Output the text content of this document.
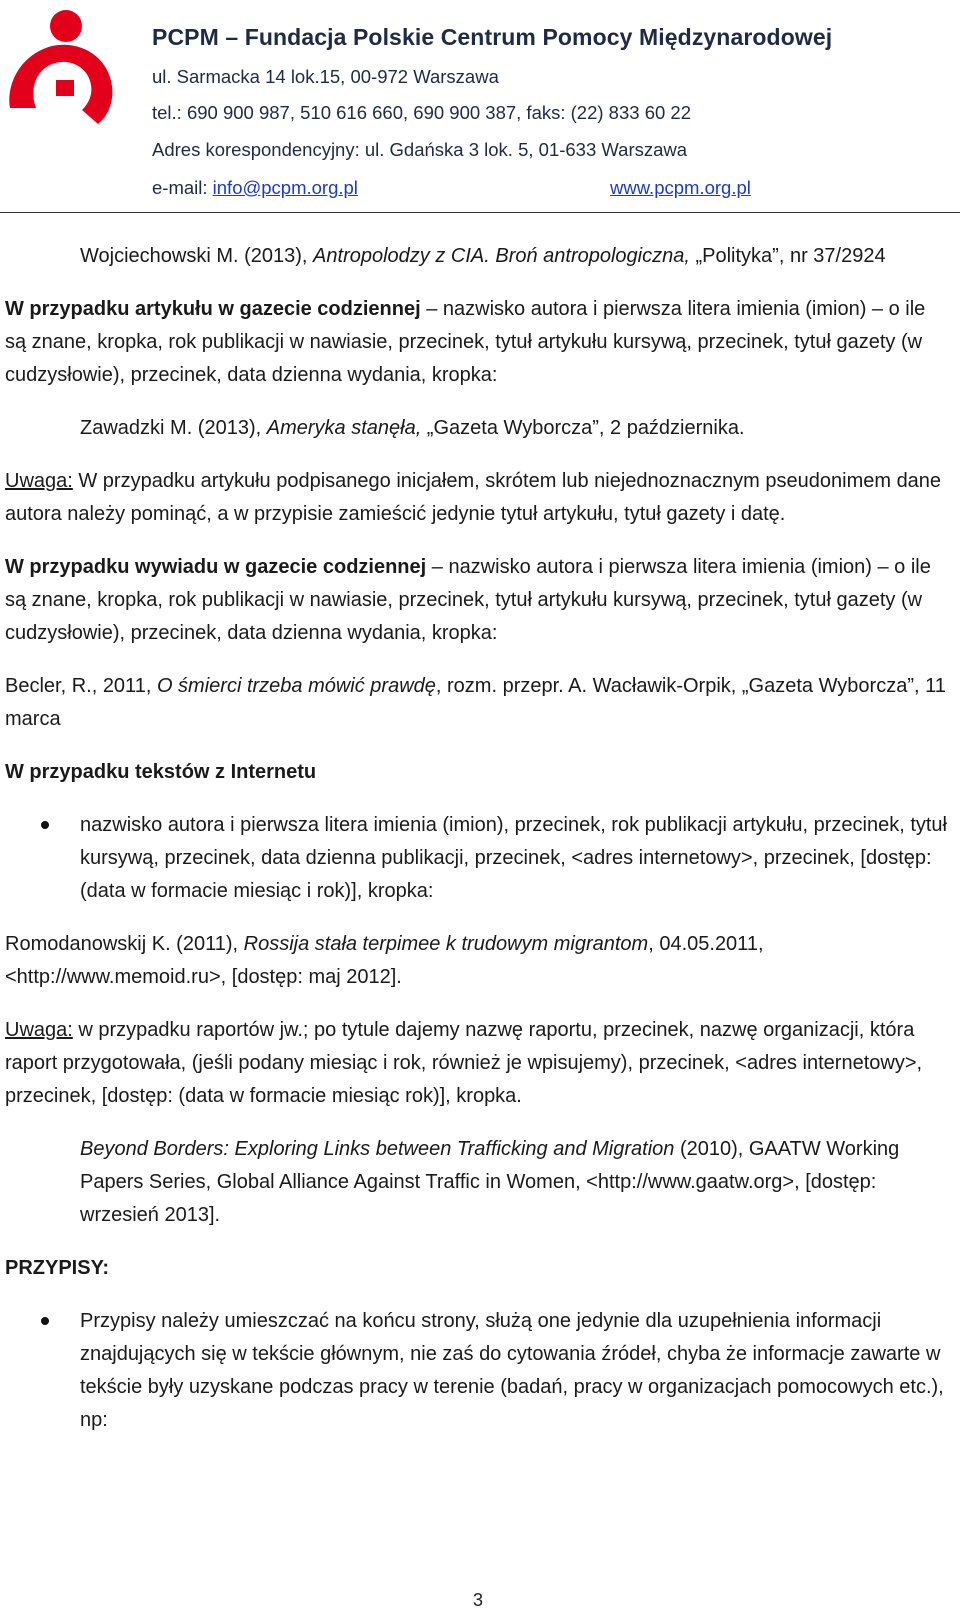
PCPM – Fundacja Polskie Centrum Pomocy Międzynarodowej
ul. Sarmacka 14 lok.15, 00-972 Warszawa
tel.: 690 900 987, 510 616 660, 690 900 387, faks: (22) 833 60 22
Adres korespondencyjny: ul. Gdańska 3 lok. 5, 01-633 Warszawa
e-mail: info@pcpm.org.pl	www.pcpm.org.pl

Wojciechowski M. (2013), Antropolodzy z CIA. Broń antropologiczna, „Polityka”, nr 37/2924

W przypadku artykułu w gazecie codziennej – nazwisko autora i pierwsza litera imienia (imion) – o ile są znane, kropka, rok publikacji w nawiasie, przecinek, tytuł artykułu kursywą, przecinek, tytuł gazety (w cudzysłowie), przecinek, data dzienna wydania, kropka:

Zawadzki M. (2013), Ameryka stanęła, „Gazeta Wyborcza”, 2 października.

Uwaga: W przypadku artykułu podpisanego inicjałem, skrótem lub niejednoznacznym pseudonimem dane autora należy pominąć, a w przypisie zamieścić jedynie tytuł artykułu, tytuł gazety i datę.

W przypadku wywiadu w gazecie codziennej – nazwisko autora i pierwsza litera imienia (imion) – o ile są znane, kropka, rok publikacji w nawiasie, przecinek, tytuł artykułu kursywą, przecinek, tytuł gazety (w cudzysłowie), przecinek, data dzienna wydania, kropka:

Becler, R., 2011, O śmierci trzeba mówić prawdę, rozm. przepr. A. Wacławik-Orpik, „Gazeta Wyborcza”, 11 marca

W przypadku tekstów z Internetu

nazwisko autora i pierwsza litera imienia (imion), przecinek, rok publikacji artykułu, przecinek, tytuł kursywą, przecinek, data dzienna publikacji, przecinek, <adres internetowy>, przecinek, [dostęp: (data w formacie miesiąc i rok)], kropka:

Romodanowskij K. (2011), Rossija stała terpimee k trudowym migrantom, 04.05.2011, <http://www.memoid.ru>, [dostęp: maj 2012].

Uwaga: w przypadku raportów jw.; po tytule dajemy nazwę raportu, przecinek, nazwę organizacji, która raport przygotowała, (jeśli podany miesiąc i rok, również je wpisujemy), przecinek, <adres internetowy>, przecinek, [dostęp: (data w formacie miesiąc rok)], kropka.

Beyond Borders: Exploring Links between Trafficking and Migration (2010), GAATW Working Papers Series, Global Alliance Against Traffic in Women, <http://www.gaatw.org>, [dostęp: wrzesień 2013].

PRZYPISY:

Przypisy należy umieszczać na końcu strony, służą one jedynie dla uzupełnienia informacji znajdujących się w tekście głównym, nie zaś do cytowania źródeł, chyba że informacje zawarte w tekście były uzyskane podczas pracy w terenie (badań, pracy w organizacjach pomocowych etc.), np:

3
